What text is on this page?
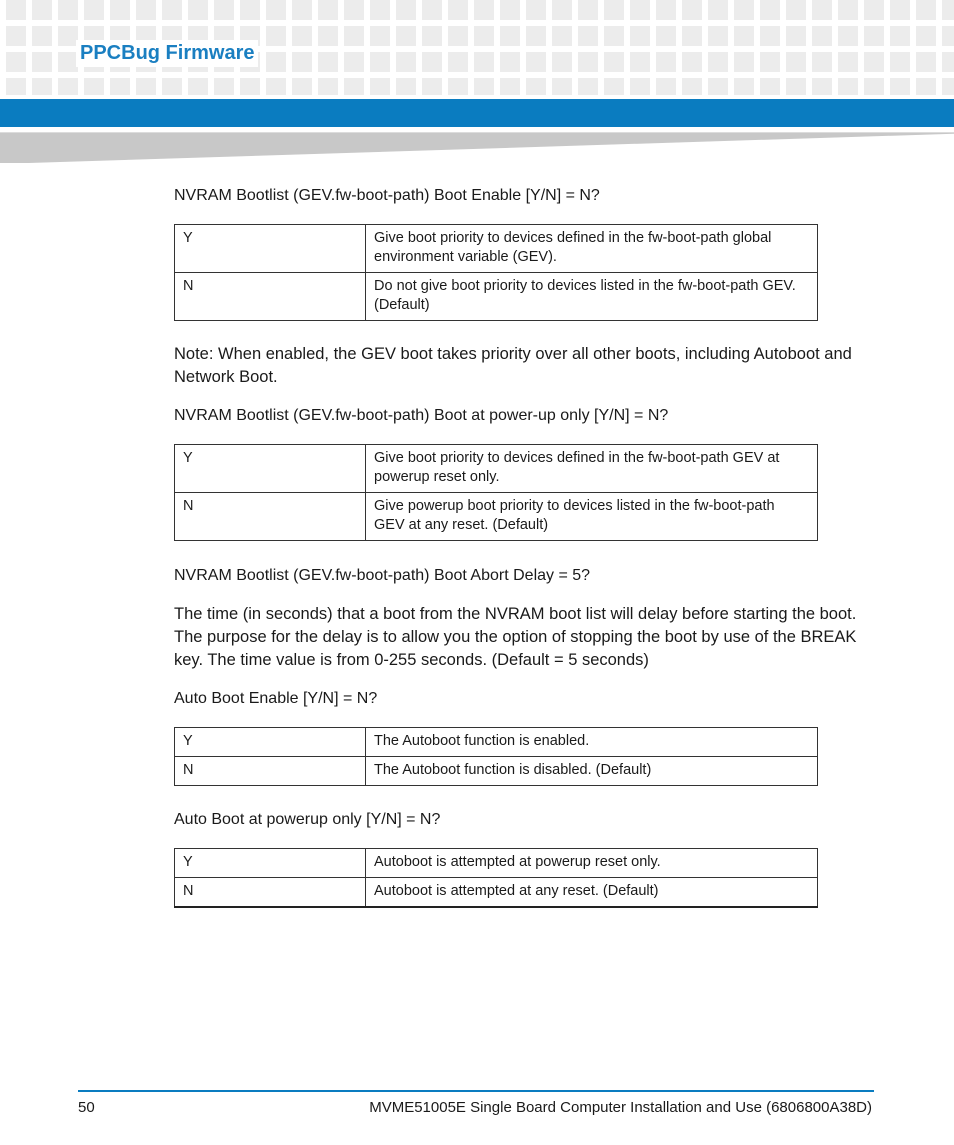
PPCBug Firmware

NVRAM Bootlist (GEV.fw-boot-path) Boot Enable [Y/N] = N?

Y	Give boot priority to devices defined in the fw-boot-path global environment variable (GEV).
N	Do not give boot priority to devices listed in the fw-boot-path GEV. (Default)

Note: When enabled, the GEV boot takes priority over all other boots, including Autoboot and Network Boot.

NVRAM Bootlist (GEV.fw-boot-path) Boot at power-up only [Y/N] = N?

Y	Give boot priority to devices defined in the fw-boot-path GEV at powerup reset only.
N	Give powerup boot priority to devices listed in the fw-boot-path GEV at any reset. (Default)

NVRAM Bootlist (GEV.fw-boot-path) Boot Abort Delay = 5?

The time (in seconds) that a boot from the NVRAM boot list will delay before starting the boot. The purpose for the delay is to allow you the option of stopping the boot by use of the BREAK key. The time value is from 0-255 seconds. (Default = 5 seconds)

Auto Boot Enable [Y/N] = N?

Y	The Autoboot function is enabled.
N	The Autoboot function is disabled. (Default)

Auto Boot at powerup only [Y/N] = N?

Y	Autoboot is attempted at powerup reset only.
N	Autoboot is attempted at any reset. (Default)
50	MVME51005E Single Board Computer Installation and Use (6806800A38D)
